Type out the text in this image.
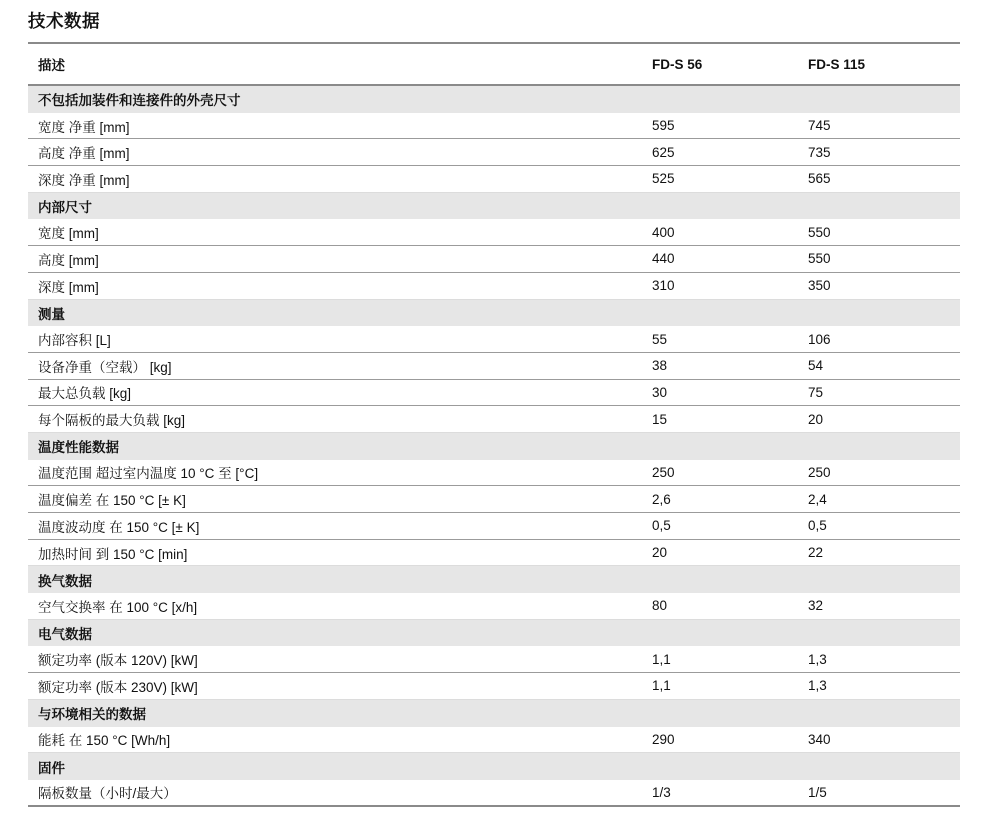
技术数据
描述	FD-S 56	FD-S 115
不包括加装件和连接件的外壳尺寸
宽度 净重 [mm]	595	745
高度 净重 [mm]	625	735
深度 净重 [mm]	525	565
内部尺寸
宽度 [mm]	400	550
高度 [mm]	440	550
深度 [mm]	310	350
测量
内部容积 [L]	55	106
设备净重（空载） [kg]	38	54
最大总负载 [kg]	30	75
每个隔板的最大负载 [kg]	15	20
温度性能数据
温度范围 超过室内温度 10 °C 至 [°C]	250	250
温度偏差 在 150 °C [± K]	2,6	2,4
温度波动度 在 150 °C [± K]	0,5	0,5
加热时间 到 150 °C [min]	20	22
换气数据
空气交换率 在 100 °C [x/h]	80	32
电气数据
额定功率 (版本 120V) [kW]	1,1	1,3
额定功率 (版本 230V) [kW]	1,1	1,3
与环境相关的数据
能耗 在 150 °C [Wh/h]	290	340
固件
隔板数量（小时/最大）	1/3	1/5
